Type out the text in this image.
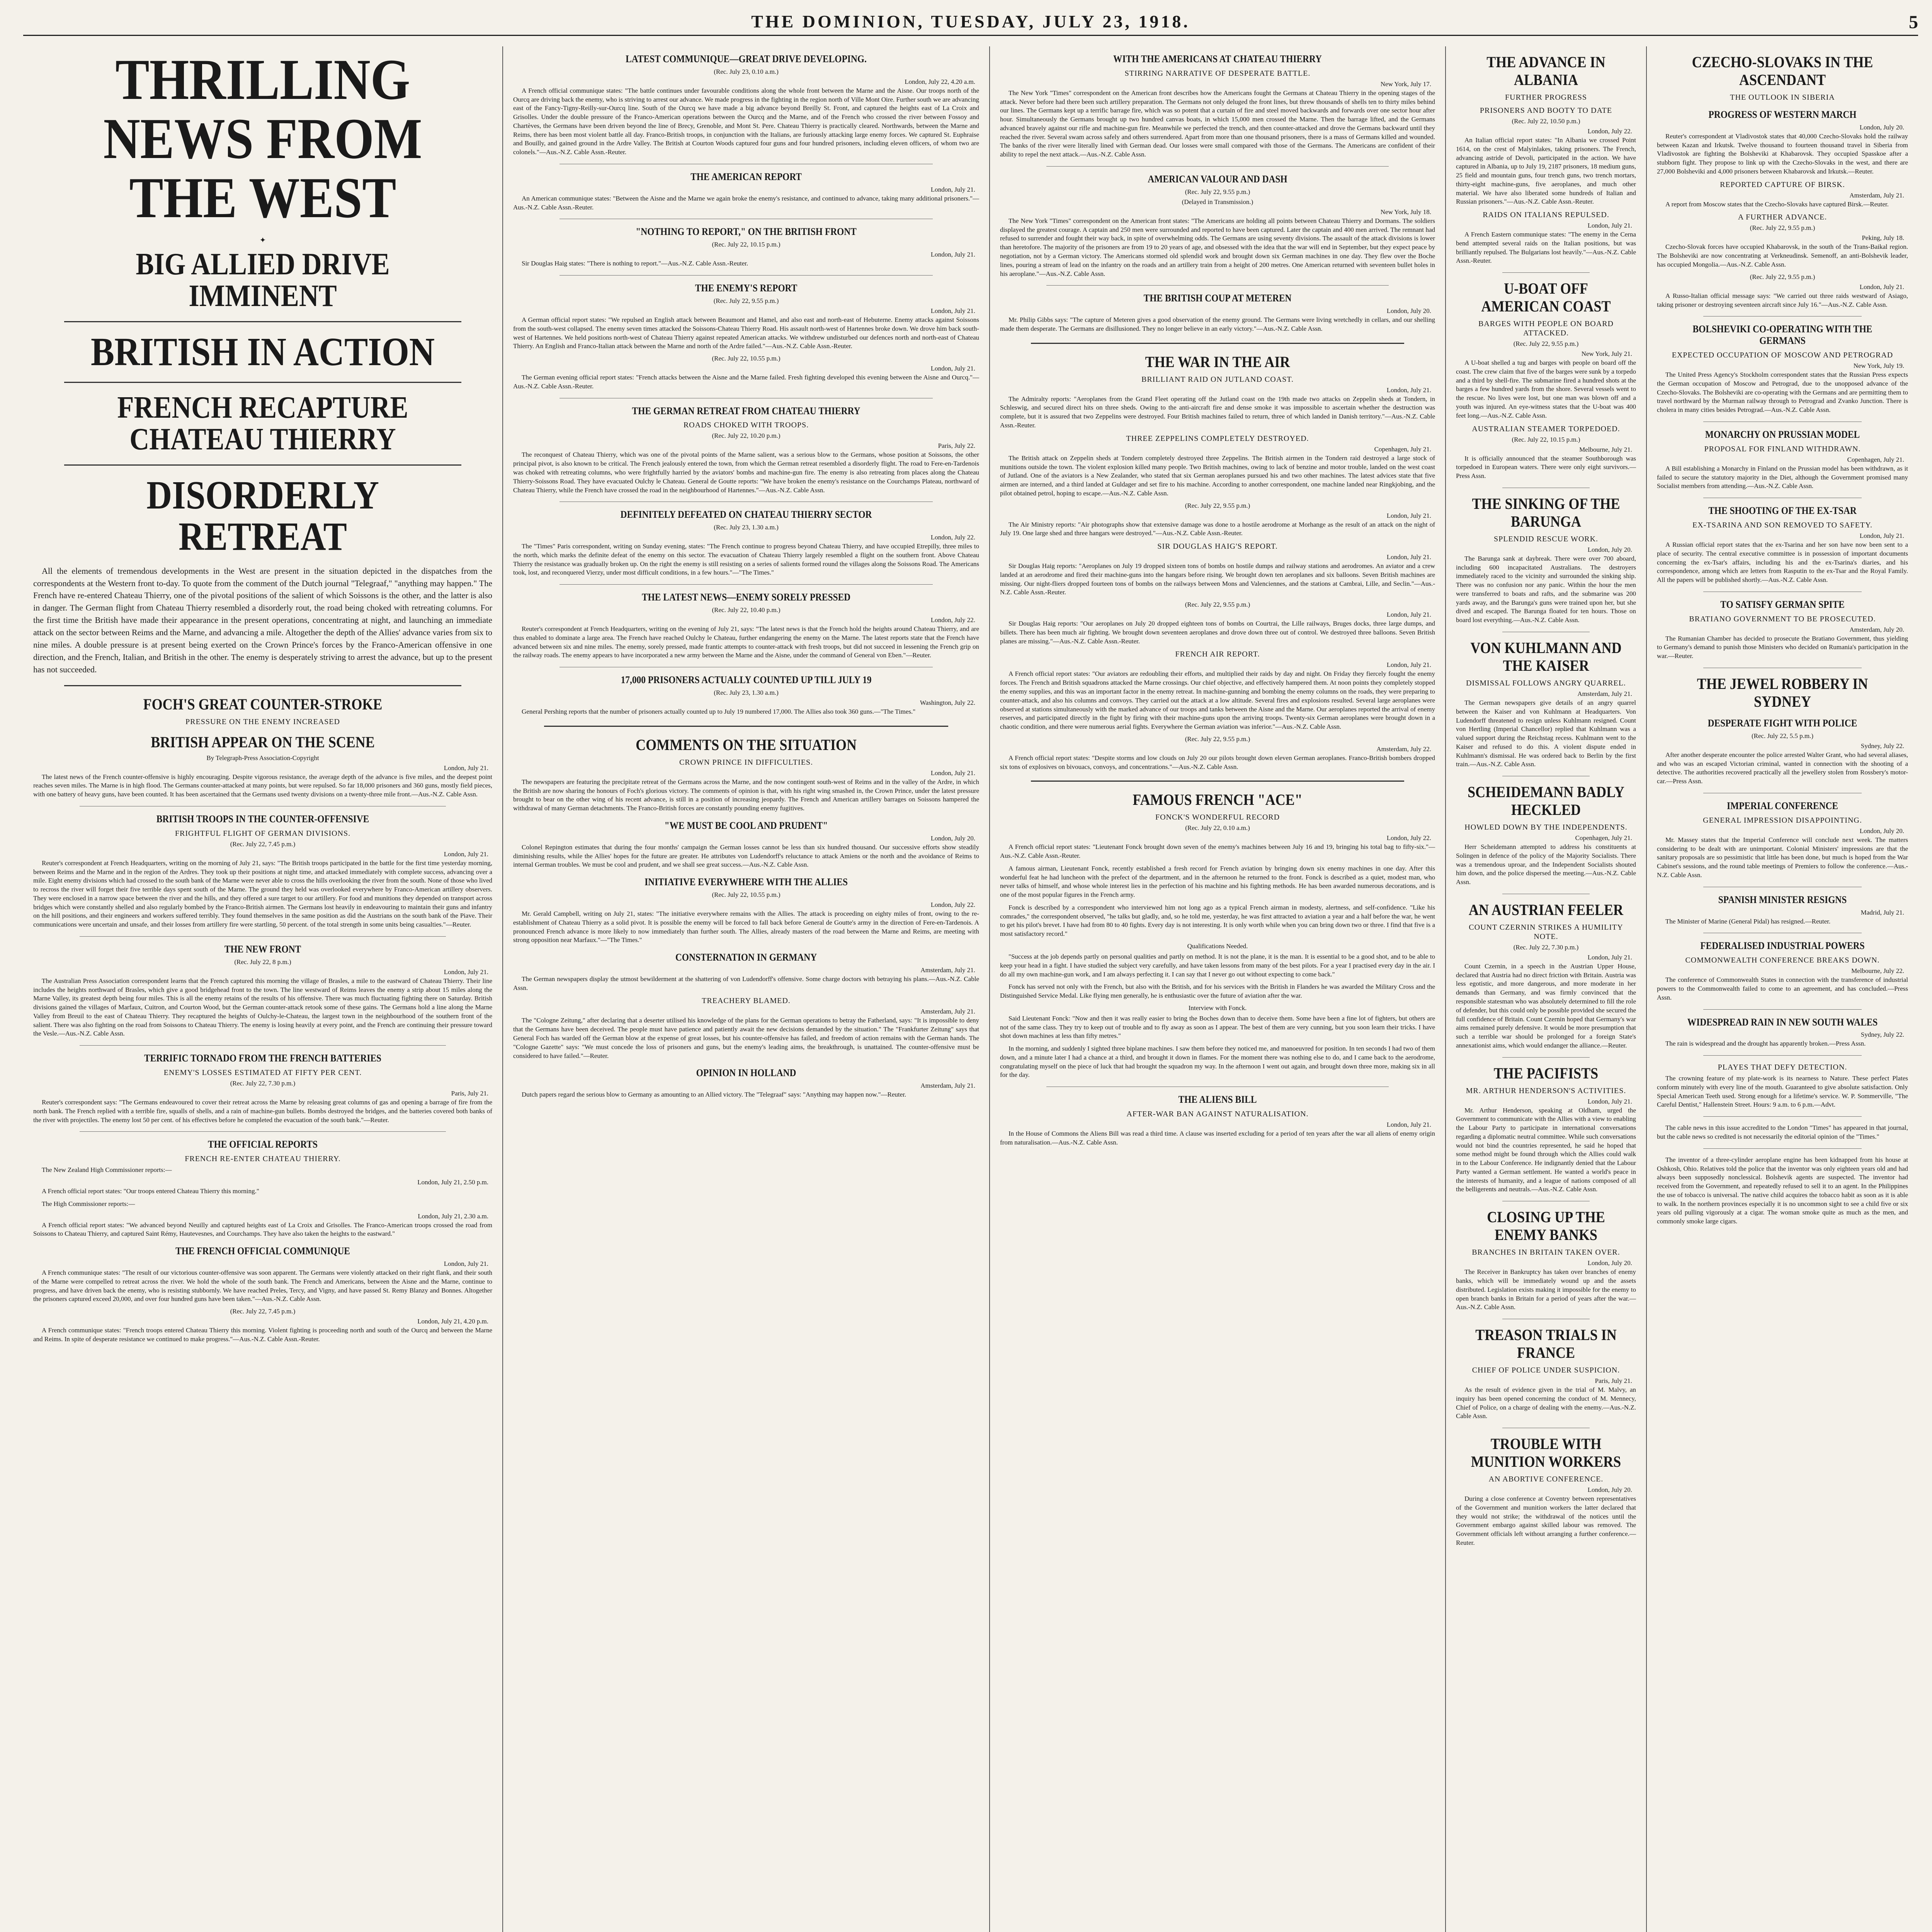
THE DOMINION, TUESDAY, JULY 23, 1918.	5
THRILLING NEWS FROM THE WEST
✦
BIG ALLIED DRIVE IMMINENT
BRITISH IN ACTION
FRENCH RECAPTURE CHATEAU THIERRY
DISORDERLY RETREAT

All the elements of tremendous developments in the West are present in the situation depicted in the dispatches from the correspondents at the Western front to-day. To quote from the comment of the Dutch journal "Telegraaf," "anything may happen." The French have re-entered Chateau Thierry, one of the pivotal positions of the salient of which Soissons is the other, and the latter is also in danger. The German flight from Chateau Thierry resembled a disorderly rout, the road being choked with retreating columns. For the first time the British have made their appearance in the present operations, concentrating at night, and launching an immediate attack on the sector between Reims and the Marne, and advancing a mile. Altogether the depth of the Allies' advance varies from six to nine miles. A double pressure is at present being exerted on the Crown Prince's forces by the Franco-American offensive in one direction, and the French, Italian, and British in the other. The enemy is desperately striving to arrest the advance, but up to the present has not succeeded.

FOCH'S GREAT COUNTER-STROKE
PRESSURE ON THE ENEMY INCREASED
BRITISH APPEAR ON THE SCENE
By Telegraph-Press Association-Copyright
London, July 21.

The latest news of the French counter-offensive is highly encouraging. Despite vigorous resistance, the average depth of the advance is five miles, and the deepest point reaches seven miles. The Marne is in high flood. The Germans counter-attacked at many points, but were repulsed. So far 18,000 prisoners and 360 guns, mostly field pieces, with one battery of heavy guns, have been counted. It has been ascertained that the Germans used twenty divisions on a twenty-three mile front.—Aus.-N.Z. Cable Assn.

BRITISH TROOPS IN THE COUNTER-OFFENSIVE
FRIGHTFUL FLIGHT OF GERMAN DIVISIONS.
(Rec. July 22, 7.45 p.m.)
London, July 21.

Reuter's correspondent at French Headquarters, writing on the morning of July 21, says: "The British troops participated in the battle for the first time yesterday morning, between Reims and the Marne and in the region of the Ardres. They took up their positions at night time, and attacked immediately with complete success, advancing over a mile. Eight enemy divisions which had crossed to the south bank of the Marne were never able to cross the hills overlooking the river from the south. None of those who lived to recross the river will forget their five terrible days spent south of the Marne. The ground they held was overlooked everywhere by Franco-American artillery observers. They were enclosed in a narrow space between the river and the hills, and they offered a sure target to our artillery. For food and munitions they depended on transport across bridges which were constantly shelled and also regularly bombed by the Franco-British airmen. The Germans lost heavily in endeavouring to maintain their guns and infantry on the hill positions, and their engineers and workers suffered terribly. They found themselves in the same position as did the Austrians on the south bank of the Piave. Their communications were uncertain and unsafe, and their losses from artillery fire were startling, 50 percent. of the total strength in some units being casualties."—Reuter.

THE NEW FRONT
(Rec. July 22, 8 p.m.)
London, July 21.

The Australian Press Association correspondent learns that the French captured this morning the village of Brasles, a mile to the eastward of Chateau Thierry. Their line includes the heights northward of Brasles, which give a good bridgehead front to the town. The line westward of Reims leaves the enemy a strip about 15 miles along the Marne Valley, its greatest depth being four miles. This is all the enemy retains of the results of his offensive. There was much fluctuating fighting there on Saturday. British divisions gained the villages of Marfaux, Cuitron, and Courton Wood, but the German counter-attack retook some of these gains. The Germans hold a line along the Marne Valley from Breuil to the east of Chateau Thierry. They recaptured the heights of Oulchy-le-Chateau, the largest town in the neighbourhood of the southern front of the salient. There was also fighting on the road from Soissons to Chateau Thierry. The enemy is losing heavily at every point, and the French are continuing their pressure toward the Vesle.—Aus.-N.Z. Cable Assn.

TERRIFIC TORNADO FROM THE FRENCH BATTERIES
ENEMY'S LOSSES ESTIMATED AT FIFTY PER CENT.
(Rec. July 22, 7.30 p.m.)
Paris, July 21.

Reuter's correspondent says: "The Germans endeavoured to cover their retreat across the Marne by releasing great columns of gas and opening a barrage of fire from the north bank. The French replied with a terrible fire, squalls of shells, and a rain of machine-gun bullets. Bombs destroyed the bridges, and the batteries covered both banks of the river with projectiles. The enemy lost 50 per cent. of his effectives before he completed the evacuation of the south bank."—Reuter.

THE OFFICIAL REPORTS
FRENCH RE-ENTER CHATEAU THIERRY.

The New Zealand High Commissioner reports:—

London, July 21, 2.50 p.m.

A French official report states: "Our troops entered Chateau Thierry this morning."

The High Commissioner reports:—

London, July 21, 2.30 a.m.

A French official report states: "We advanced beyond Neuilly and captured heights east of La Croix and Grisolles. The Franco-American troops crossed the road from Soissons to Chateau Thierry, and captured Saint Rémy, Hautevesnes, and Courchamps. They have also taken the heights to the eastward."

THE FRENCH OFFICIAL COMMUNIQUE
London, July 21.

A French communique states: "The result of our victorious counter-offensive was soon apparent. The Germans were violently attacked on their right flank, and their south of the Marne were compelled to retreat across the river. We hold the whole of the south bank. The French and Americans, between the Aisne and the Marne, continue to progress, and have driven back the enemy, who is resisting stubbornly. We have reached Preles, Tercy, and Vigny, and have passed St. Remy Blanzy and Bonnes. Altogether the prisoners captured exceed 20,000, and over four hundred guns have been taken."—Aus.-N.Z. Cable Assn.

(Rec. July 22, 7.45 p.m.)
London, July 21, 4.20 p.m.

A French communique states: "French troops entered Chateau Thierry this morning. Violent fighting is proceeding north and south of the Ourcq and between the Marne and Reims. In spite of desperate resistance we continued to make progress."—Aus.-N.Z. Cable Assn.-Reuter.

LATEST COMMUNIQUE—GREAT DRIVE DEVELOPING.
(Rec. July 23, 0.10 a.m.)
London, July 22, 4.20 a.m.

A French official communique states: "The battle continues under favourable conditions along the whole front between the Marne and the Aisne. Our troops north of the Ourcq are driving back the enemy, who is striving to arrest our advance. We made progress in the fighting in the region north of Ville Mont Oire. Further south we are advancing east of the Fancy-Tigny-Reilly-sur-Ourcq line. South of the Ourcq we have made a big advance beyond Breilly St. Front, and captured the heights east of La Croix and Grisolles. Under the double pressure of the Franco-American operations between the Ourcq and the Marne, and of the French who crossed the river between Fossoy and Chartèves, the Germans have been driven beyond the line of Brecy, Grenoble, and Mont St. Pere. Chateau Thierry is practically cleared. Northwards, between the Marne and Reims, there has been most violent battle all day. Franco-British troops, in conjunction with the Italians, are furiously attacking large enemy forces. We captured St. Euphraise and Bouilly, and gained ground in the Ardre Valley. The British at Courton Woods captured four guns and four hundred prisoners, including eleven officers, of whom two are colonels."—Aus.-N.Z. Cable Assn.-Reuter.

THE AMERICAN REPORT
London, July 21.

An American communique states: "Between the Aisne and the Marne we again broke the enemy's resistance, and continued to advance, taking many additional prisoners."—Aus.-N.Z. Cable Assn.-Reuter.

"NOTHING TO REPORT," ON THE BRITISH FRONT
(Rec. July 22, 10.15 p.m.)
London, July 21.

Sir Douglas Haig states: "There is nothing to report."—Aus.-N.Z. Cable Assn.-Reuter.

THE ENEMY'S REPORT
(Rec. July 22, 9.55 p.m.)
London, July 21.

A German official report states: "We repulsed an English attack between Beaumont and Hamel, and also east and north-east of Hebuterne. Enemy attacks against Soissons from the south-west collapsed. The enemy seven times attacked the Soissons-Chateau Thierry Road. His assault north-west of Hartennes broke down. We drove him back south-west of Hartennes. We held positions north-west of Chateau Thierry against repeated American attacks. We withdrew undisturbed our defences north and north-east of Chateau Thierry. An English and Franco-Italian attack between the Marne and north of the Ardre failed."—Aus.-N.Z. Cable Assn.-Reuter.

(Rec. July 22, 10.55 p.m.)
London, July 21.

The German evening official report states: "French attacks between the Aisne and the Marne failed. Fresh fighting developed this evening between the Aisne and Ourcq."—Aus.-N.Z. Cable Assn.-Reuter.

THE GERMAN RETREAT FROM CHATEAU THIERRY
ROADS CHOKED WITH TROOPS.
(Rec. July 22, 10.20 p.m.)
Paris, July 22.

The reconquest of Chateau Thierry, which was one of the pivotal points of the Marne salient, was a serious blow to the Germans, whose position at Soissons, the other principal pivot, is also known to be critical. The French jealously entered the town, from which the German retreat resembled a disorderly flight. The road to Fere-en-Tardenois was choked with retreating columns, who were frightfully harried by the aviators' bombs and machine-gun fire. The enemy is also retreating from places along the Chateau Thierry-Soissons Road. They have evacuated Oulchy le Chateau. General de Goutte reports: "We have broken the enemy's resistance on the Courchamps Plateau, northward of Chateau Thierry, while the French have crossed the road in the neighbourhood of Hartennes."—Aus.-N.Z. Cable Assn.

DEFINITELY DEFEATED ON CHATEAU THIERRY SECTOR
(Rec. July 23, 1.30 a.m.)
London, July 22.

The "Times" Paris correspondent, writing on Sunday evening, states: "The French continue to progress beyond Chateau Thierry, and have occupied Etrepilly, three miles to the north, which marks the definite defeat of the enemy on this sector. The evacuation of Chateau Thierry largely resembled a flight on the southern front. Above Chateau Thierry the resistance was gradually broken up. On the right the enemy is still resisting on a series of salients formed round the villages along the Soissons Road. The Americans took, lost, and reconquered Vierzy, under most difficult conditions, in a few hours."—"The Times."

THE LATEST NEWS—ENEMY SORELY PRESSED
(Rec. July 22, 10.40 p.m.)
London, July 22.

Reuter's correspondent at French Headquarters, writing on the evening of July 21, says: "The latest news is that the French hold the heights around Chateau Thierry, and are thus enabled to dominate a large area. The French have reached Oulchy le Chateau, further endangering the enemy on the Marne. The latest reports state that the French have advanced between six and nine miles. The enemy, sorely pressed, made frantic attempts to counter-attack with fresh troops, but did not succeed in lessening the French grip on the railway roads. The enemy appears to have incorporated a new army between the Marne and the Aisne, under the command of General von Eben."—Reuter.

17,000 PRISONERS ACTUALLY COUNTED UP TILL JULY 19
(Rec. July 23, 1.30 a.m.)
Washington, July 22.

General Pershing reports that the number of prisoners actually counted up to July 19 numbered 17,000. The Allies also took 360 guns.—"The Times."

COMMENTS ON THE SITUATION
CROWN PRINCE IN DIFFICULTIES.
London, July 21.

The newspapers are featuring the precipitate retreat of the Germans across the Marne, and the now contingent south-west of Reims and in the valley of the Ardre, in which the British are now sharing the honours of Foch's glorious victory. The comments of opinion is that, with his right wing smashed in, the Crown Prince, under the latest pressure brought to bear on the other wing of his recent advance, is still in a position of increasing jeopardy. The French and American artillery barrages on Soissons hampered the withdrawal of many German detachments. The Franco-British forces are constantly pounding enemy fugitives.

"WE MUST BE COOL AND PRUDENT"
London, July 20.

Colonel Repington estimates that during the four months' campaign the German losses cannot be less than six hundred thousand. Our successive efforts show steadily diminishing results, while the Allies' hopes for the future are greater. He attributes von Ludendorff's reluctance to attack Amiens or the north and the avoidance of Reims to internal German troubles. We must be cool and prudent, and we shall see great success.—Aus.-N.Z. Cable Assn.

INITIATIVE EVERYWHERE WITH THE ALLIES
(Rec. July 22, 10.55 p.m.)
London, July 22.

Mr. Gerald Campbell, writing on July 21, states: "The initiative everywhere remains with the Allies. The attack is proceeding on eighty miles of front, owing to the re-establishment of Chateau Thierry as a solid pivot. It is possible the enemy will be forced to fall back before General de Goutte's army in the direction of Fere-en-Tardenois. A pronounced French advance is more likely to now immediately than further south. The Allies, already masters of the road between the Marne and Reims, are meeting with strong opposition near Marfaux."—"The Times."

CONSTERNATION IN GERMANY
Amsterdam, July 21.

The German newspapers display the utmost bewilderment at the shattering of von Ludendorff's offensive. Some charge doctors with betraying his plans.—Aus.-N.Z. Cable Assn.

TREACHERY BLAMED.
Amsterdam, July 21.

The "Cologne Zeitung," after declaring that a deserter utilised his knowledge of the plans for the German operations to betray the Fatherland, says: "It is impossible to deny that the Germans have been deceived. The people must have patience and patiently await the new decisions demanded by the situation." The "Frankfurter Zeitung" says that General Foch has warded off the German blow at the expense of great losses, but his counter-offensive has failed, and freedom of action remains with the German hands. The "Cologne Gazette" says: "We must concede the loss of prisoners and guns, but the enemy's leading aims, the breakthrough, is unattained. The counter-offensive must be considered to have failed."—Reuter.

OPINION IN HOLLAND
Amsterdam, July 21.

Dutch papers regard the serious blow to Germany as amounting to an Allied victory. The "Telegraaf" says: "Anything may happen now."—Reuter.

WITH THE AMERICANS AT CHATEAU THIERRY
STIRRING NARRATIVE OF DESPERATE BATTLE.
New York, July 17.

The New York "Times" correspondent on the American front describes how the Americans fought the Germans at Chateau Thierry in the opening stages of the attack. Never before had there been such artillery preparation. The Germans not only deluged the front lines, but threw thousands of shells ten to thirty miles behind our lines. The Germans kept up a terrific barrage fire, which was so potent that a curtain of fire and steel moved backwards and forwards over one sector hour after hour. Simultaneously the Germans brought up two hundred canvas boats, in which 15,000 men crossed the Marne. Then the barrage lifted, and the Germans advanced bravely against our rifle and machine-gun fire. Meanwhile we perfected the trench, and then counter-attacked and drove the Germans backward until they reached the river. Several swam across safely and others surrendered. Apart from more than one thousand prisoners, there is a mass of Germans killed and wounded. The banks of the river were literally lined with German dead. Our losses were small compared with those of the Germans. The Americans are confident of their ability to repel the next attack.—Aus.-N.Z. Cable Assn.

AMERICAN VALOUR AND DASH
(Rec. July 22, 9.55 p.m.)
(Delayed in Transmission.)
New York, July 18.

The New York "Times" correspondent on the American front states: "The Americans are holding all points between Chateau Thierry and Dormans. The soldiers displayed the greatest courage. A captain and 250 men were surrounded and reported to have been captured. Later the captain and 400 men arrived. The remnant had refused to surrender and fought their way back, in spite of overwhelming odds. The Germans are using seventy divisions. The assault of the attack divisions is lower than heretofore. The majority of the prisoners are from 19 to 20 years of age, and obsessed with the idea that the war will end in September, but they expect peace by negotiation, not by a German victory. The Americans stormed old splendid work and brought down six German machines in one day. They flew over the Boche lines, pouring a stream of lead on the infantry on the roads and an artillery train from a height of 200 metres. One American returned with seventeen bullet holes in his aeroplane."—Aus.-N.Z. Cable Assn.

THE BRITISH COUP AT METEREN
London, July 20.

Mr. Philip Gibbs says: "The capture of Meteren gives a good observation of the enemy ground. The Germans were living wretchedly in cellars, and our shelling made them desperate. The Germans are disillusioned. They no longer believe in an early victory."—Aus.-N.Z. Cable Assn.

THE WAR IN THE AIR
BRILLIANT RAID ON JUTLAND COAST.
London, July 21.

The Admiralty reports: "Aeroplanes from the Grand Fleet operating off the Jutland coast on the 19th made two attacks on Zeppelin sheds at Tondern, in Schleswig, and secured direct hits on three sheds. Owing to the anti-aircraft fire and dense smoke it was impossible to ascertain whether the destruction was complete, but it is assured that two Zeppelins were destroyed. Four British machines failed to return, three of which landed in Danish territory."—Aus.-N.Z. Cable Assn.-Reuter.

THREE ZEPPELINS COMPLETELY DESTROYED.
Copenhagen, July 21.

The British attack on Zeppelin sheds at Tondern completely destroyed three Zeppelins. The British airmen in the Tondern raid destroyed a large stock of munitions outside the town. The violent explosion killed many people. Two British machines, owing to lack of benzine and motor trouble, landed on the west coast of Jutland. One of the aviators is a New Zealander, who stated that six German aeroplanes pursued his and two other machines. The latest advices state that five airmen are interned, and a third landed at Guldager and set fire to his machine. According to another correspondent, one machine landed near Ringkjobing, and the pilot obtained petrol, hoping to escape.—Aus.-N.Z. Cable Assn.

(Rec. July 22, 9.55 p.m.)
London, July 21.

The Air Ministry reports: "Air photographs show that extensive damage was done to a hostile aerodrome at Morhange as the result of an attack on the night of July 19. One large shed and three hangars were destroyed."—Aus.-N.Z. Cable Assn.-Reuter.

SIR DOUGLAS HAIG'S REPORT.
London, July 21.

Sir Douglas Haig reports: "Aeroplanes on July 19 dropped sixteen tons of bombs on hostile dumps and railway stations and aerodromes. An aviator and a crew landed at an aerodrome and fired their machine-guns into the hangars before rising. We brought down ten aeroplanes and six balloons. Seven British machines are missing. Our night-fliers dropped fourteen tons of bombs on the railways between Mons and Valenciennes, and the stations at Cambrai, Lille, and Seclin."—Aus.-N.Z. Cable Assn.-Reuter.

(Rec. July 22, 9.55 p.m.)
London, July 21.

Sir Douglas Haig reports: "Our aeroplanes on July 20 dropped eighteen tons of bombs on Courtrai, the Lille railways, Bruges docks, three large dumps, and billets. There has been much air fighting. We brought down seventeen aeroplanes and drove down three out of control. We destroyed three balloons. Seven British planes are missing."—Aus.-N.Z. Cable Assn.-Reuter.

FRENCH AIR REPORT.
London, July 21.

A French official report states: "Our aviators are redoubling their efforts, and multiplied their raids by day and night. On Friday they fiercely fought the enemy forces. The French and British squadrons attacked the Marne crossings. Our chief objective, and effectively hampered them. At noon points they completely stopped the enemy supplies, and this was an important factor in the enemy retreat. In machine-gunning and bombing the enemy columns on the roads, they were preparing to counter-attack, and also his columns and convoys. They carried out the attack at a low altitude. Several fires and explosions resulted. Several large aeroplanes were observed at stations simultaneously with the marked advance of our troops and tanks between the Aisne and the Marne. Our aeroplanes reported the arrival of enemy reserves, and participated directly in the fight by firing with their machine-guns upon the arriving troops. Twenty-six German aeroplanes were brought down in a chaotic condition, and there were numerous aerial fights. Everywhere the German aviation was inferior."—Aus.-N.Z. Cable Assn.

(Rec. July 22, 9.55 p.m.)
Amsterdam, July 22.

A French official report states: "Despite storms and low clouds on July 20 our pilots brought down eleven German aeroplanes. Franco-British bombers dropped six tons of explosives on bivouacs, convoys, and concentrations."—Aus.-N.Z. Cable Assn.

FAMOUS FRENCH "ACE"
FONCK'S WONDERFUL RECORD
(Rec. July 22, 0.10 a.m.)
London, July 22.

A French official report states: "Lieutenant Fonck brought down seven of the enemy's machines between July 16 and 19, bringing his total bag to fifty-six."—Aus.-N.Z. Cable Assn.-Reuter.

A famous airman, Lieutenant Fonck, recently established a fresh record for French aviation by bringing down six enemy machines in one day. After this wonderful feat he had luncheon with the prefect of the department, and in the afternoon he returned to the front. Fonck is described as a quiet, modest man, who never talks of himself, and whose whole interest lies in the perfection of his machine and his fighting methods. He has been awarded numerous decorations, and is one of the most popular figures in the French army.

Fonck is described by a correspondent who interviewed him not long ago as a typical French airman in modesty, alertness, and self-confidence. "Like his comrades," the correspondent observed, "he talks but gladly, and, so he told me, yesterday, he was first attracted to aviation a year and a half before the war, he went to get his pilot's brevet. I have had from 80 to 40 fights. Every day is not interesting. It is only worth while when you can bring down two or three. I find that five is a most satisfactory record."

Qualifications Needed.

"Success at the job depends partly on personal qualities and partly on method. It is not the plane, it is the man. It is essential to be a good shot, and to be able to keep your head in a fight. I have studied the subject very carefully, and have taken lessons from many of the best pilots. For a year I practised every day in the air. I do all my own machine-gun work, and I am always perfecting it. I can say that I never go out without expecting to come back."

Fonck has served not only with the French, but also with the British, and for his services with the British in Flanders he was awarded the Military Cross and the Distinguished Service Medal. Like flying men generally, he is enthusiastic over the future of aviation after the war.

Interview with Fonck.

Said Lieutenant Fonck: "Now and then it was really easier to bring the Boches down than to deceive them. Some have been a fine lot of fighters, but others are not of the same class. They try to keep out of trouble and to fly away as soon as I appear. The best of them are very cunning, but you soon learn their tricks. I have shot down machines at less than fifty metres."

In the morning, and suddenly I sighted three biplane machines. I saw them before they noticed me, and manoeuvred for position. In ten seconds I had two of them down, and a minute later I had a chance at a third, and brought it down in flames. For the moment there was nothing else to do, and I came back to the aerodrome, congratulating myself on the piece of luck that had brought the squadron my way. In the afternoon I went out again, and brought down three more, making six in all for the day.

THE ALIENS BILL
AFTER-WAR BAN AGAINST NATURALISATION.
London, July 21.

In the House of Commons the Aliens Bill was read a third time. A clause was inserted excluding for a period of ten years after the war all aliens of enemy origin from naturalisation.—Aus.-N.Z. Cable Assn.

THE ADVANCE IN ALBANIA
FURTHER PROGRESS
PRISONERS AND BOOTY TO DATE
(Rec. July 22, 10.50 p.m.)
London, July 22.

An Italian official report states: "In Albania we crossed Point 1614, on the crest of Malyinlakes, taking prisoners. The French, advancing astride of Devoli, participated in the action. We have captured in Albania, up to July 19, 2187 prisoners, 18 medium guns, 25 field and mountain guns, four trench guns, two trench mortars, thirty-eight machine-guns, five aeroplanes, and much other material. We have also liberated some hundreds of Italian and Russian prisoners."—Aus.-N.Z. Cable Assn.-Reuter.

RAIDS ON ITALIANS REPULSED.
London, July 21.

A French Eastern communique states: "The enemy in the Cerna bend attempted several raids on the Italian positions, but was brilliantly repulsed. The Bulgarians lost heavily."—Aus.-N.Z. Cable Assn.-Reuter.

U-BOAT OFF AMERICAN COAST
BARGES WITH PEOPLE ON BOARD ATTACKED.
(Rec. July 22, 9.55 p.m.)
New York, July 21.

A U-boat shelled a tug and barges with people on board off the coast. The crew claim that five of the barges were sunk by a torpedo and a third by shell-fire. The submarine fired a hundred shots at the barges a few hundred yards from the shore. Several vessels went to the rescue. No lives were lost, but one man was blown off and a youth was injured. An eye-witness states that the U-boat was 400 feet long.—Aus.-N.Z. Cable Assn.

AUSTRALIAN STEAMER TORPEDOED.
(Rec. July 22, 10.15 p.m.)
Melbourne, July 21.

It is officially announced that the steamer Southborough was torpedoed in European waters. There were only eight survivors.—Press Assn.

THE SINKING OF THE BARUNGA
SPLENDID RESCUE WORK.
London, July 20.

The Barunga sank at daybreak. There were over 700 aboard, including 600 incapacitated Australians. The destroyers immediately raced to the vicinity and surrounded the sinking ship. There was no confusion nor any panic. Within the hour the men were transferred to boats and rafts, and the submarine was 200 yards away, and the Barunga's guns were trained upon her, but she dived and escaped. The Barunga floated for ten hours. Those on board lost everything.—Aus.-N.Z. Cable Assn.

VON KUHLMANN AND THE KAISER
DISMISSAL FOLLOWS ANGRY QUARREL.
Amsterdam, July 21.

The German newspapers give details of an angry quarrel between the Kaiser and von Kuhlmann at Headquarters. Von Ludendorff threatened to resign unless Kuhlmann resigned. Count von Hertling (Imperial Chancellor) replied that Kuhlmann was a valued support during the Reichstag recess. Kuhlmann went to the Kaiser and refused to do this. A violent dispute ended in Kuhlmann's dismissal. He was ordered back to Berlin by the first train.—Aus.-N.Z. Cable Assn.

SCHEIDEMANN BADLY HECKLED
HOWLED DOWN BY THE INDEPENDENTS.
Copenhagen, July 21.

Herr Scheidemann attempted to address his constituents at Solingen in defence of the policy of the Majority Socialists. There was a tremendous uproar, and the Independent Socialists shouted him down, and the police dispersed the meeting.—Aus.-N.Z. Cable Assn.

AN AUSTRIAN FEELER
COUNT CZERNIN STRIKES A HUMILITY NOTE.
(Rec. July 22, 7.30 p.m.)
London, July 21.

Count Czernin, in a speech in the Austrian Upper House, declared that Austria had no direct friction with Britain. Austria was less egotistic, and more dangerous, and more moderate in her demands than Germany, and was firmly convinced that the responsible statesman who was absolutely determined to fill the role of defender, but this could only be possible provided she secured the full confidence of Britain. Count Czernin hoped that Germany's war aims remained purely defensive. It would be more presumption that such a terrible war should be prolonged for a foreign State's annexationist aims, which would endanger the alliance.—Reuter.

THE PACIFISTS
MR. ARTHUR HENDERSON'S ACTIVITIES.
London, July 21.

Mr. Arthur Henderson, speaking at Oldham, urged the Government to communicate with the Allies with a view to enabling the Labour Party to participate in international conversations regarding a diplomatic neutral committee. While such conversations would not bind the countries represented, he said he hoped that some method might be found through which the Allies could walk in to the Labour Conference. He indignantly denied that the Labour Party wanted a German settlement. He wanted a world's peace in the interests of humanity, and a league of nations composed of all the belligerents and neutrals.—Aus.-N.Z. Cable Assn.

CLOSING UP THE ENEMY BANKS
BRANCHES IN BRITAIN TAKEN OVER.
London, July 20.

The Receiver in Bankruptcy has taken over branches of enemy banks, which will be immediately wound up and the assets distributed. Legislation exists making it impossible for the enemy to open branch banks in Britain for a period of years after the war.—Aus.-N.Z. Cable Assn.

TREASON TRIALS IN FRANCE
CHIEF OF POLICE UNDER SUSPICION.
Paris, July 21.

As the result of evidence given in the trial of M. Malvy, an inquiry has been opened concerning the conduct of M. Mennecy, Chief of Police, on a charge of dealing with the enemy.—Aus.-N.Z. Cable Assn.

TROUBLE WITH MUNITION WORKERS
AN ABORTIVE CONFERENCE.
London, July 20.

During a close conference at Coventry between representatives of the Government and munition workers the latter declared that they would not strike; the withdrawal of the notices until the Government embargo against skilled labour was removed. The Government officials left without arranging a further conference.—Reuter.

CZECHO-SLOVAKS IN THE ASCENDANT
THE OUTLOOK IN SIBERIA
PROGRESS OF WESTERN MARCH
London, July 20.

Reuter's correspondent at Vladivostok states that 40,000 Czecho-Slovaks hold the railway between Kazan and Irkutsk. Twelve thousand to fourteen thousand travel in Siberia from Vladivostok are fighting the Bolsheviki at Khabarovsk. They occupied Spasskoe after a stubborn fight. They propose to link up with the Czecho-Slovaks in the west, and there are 27,000 Bolsheviki and 4,000 prisoners between Khabarovsk and Irkutsk.—Reuter.

REPORTED CAPTURE OF BIRSK.
Amsterdam, July 21.

A report from Moscow states that the Czecho-Slovaks have captured Birsk.—Reuter.

A FURTHER ADVANCE.
(Rec. July 22, 9.55 p.m.)
Peking, July 18.

Czecho-Slovak forces have occupied Khabarovsk, in the south of the Trans-Baikal region. The Bolsheviki are now concentrating at Verkneudinsk. Semenoff, an anti-Bolshevik leader, has occupied Mongolia.—Aus.-N.Z. Cable Assn.

(Rec. July 22, 9.55 p.m.)
London, July 21.

A Russo-Italian official message says: "We carried out three raids westward of Asiago, taking prisoner or destroying seventeen aircraft since July 16."—Aus.-N.Z. Cable Assn.

BOLSHEVIKI CO-OPERATING WITH THE GERMANS
EXPECTED OCCUPATION OF MOSCOW AND PETROGRAD
New York, July 19.

The United Press Agency's Stockholm correspondent states that the Russian Press expects the German occupation of Moscow and Petrograd, due to the unopposed advance of the Czecho-Slovaks. The Bolsheviki are co-operating with the Germans and are permitting them to travel northward by the Murman railway through to Petrograd and Zvanko Junction. There is cholera in many cities besides Petrograd.—Aus.-N.Z. Cable Assn.

MONARCHY ON PRUSSIAN MODEL
PROPOSAL FOR FINLAND WITHDRAWN.
Copenhagen, July 21.

A Bill establishing a Monarchy in Finland on the Prussian model has been withdrawn, as it failed to secure the statutory majority in the Diet, although the Government promised many Socialist members from attending.—Aus.-N.Z. Cable Assn.

THE SHOOTING OF THE EX-TSAR
EX-TSARINA AND SON REMOVED TO SAFETY.
London, July 21.

A Russian official report states that the ex-Tsarina and her son have now been sent to a place of security. The central executive committee is in possession of important documents concerning the ex-Tsar's affairs, including his and the ex-Tsarina's diaries, and his correspondence, among which are letters from Rasputin to the ex-Tsar and the Royal Family. All the papers will be published shortly.—Aus.-N.Z. Cable Assn.

TO SATISFY GERMAN SPITE
BRATIANO GOVERNMENT TO BE PROSECUTED.
Amsterdam, July 20.

The Rumanian Chamber has decided to prosecute the Bratiano Government, thus yielding to Germany's demand to punish those Ministers who decided on Rumania's participation in the war.—Reuter.

THE JEWEL ROBBERY IN SYDNEY
DESPERATE FIGHT WITH POLICE
(Rec. July 22, 5.5 p.m.)
Sydney, July 22.

After another desperate encounter the police arrested Walter Grant, who had several aliases, and who was an escaped Victorian criminal, wanted in connection with the shooting of a detective. The authorities recovered practically all the jewellery stolen from Rossbery's motor-car.—Press Assn.

IMPERIAL CONFERENCE
GENERAL IMPRESSION DISAPPOINTING.
London, July 20.

Mr. Massey states that the Imperial Conference will conclude next week. The matters considering to be dealt with are unimportant. Colonial Ministers' impressions are that the sanitary proposals are so pessimistic that little has been done, but much is hoped from the War Cabinet's sessions, and the round table meetings of Premiers to follow the conference.—Aus.-N.Z. Cable Assn.

SPANISH MINISTER RESIGNS
Madrid, July 21.

The Minister of Marine (General Pidal) has resigned.—Reuter.

FEDERALISED INDUSTRIAL POWERS
COMMONWEALTH CONFERENCE BREAKS DOWN.
Melbourne, July 22.

The conference of Commonwealth States in connection with the transference of industrial powers to the Commonwealth failed to come to an agreement, and has concluded.—Press Assn.

WIDESPREAD RAIN IN NEW SOUTH WALES
Sydney, July 22.

The rain is widespread and the drought has apparently broken.—Press Assn.

PLAYES THAT DEFY DETECTION.

The crowning feature of my plate-work is its nearness to Nature. These perfect Plates conform minutely with every line of the mouth. Guaranteed to give absolute satisfaction. Only Special American Teeth used. Strong enough for a lifetime's service. W. P. Sommerville, "The Careful Dentist," Hallenstein Street. Hours: 9 a.m. to 6 p.m.—Advt.

The cable news in this issue accredited to the London "Times" has appeared in that journal, but the cable news so credited is not necessarily the editorial opinion of the "Times."

The inventor of a three-cylinder aeroplane engine has been kidnapped from his house at Oshkosh, Ohio. Relatives told the police that the inventor was only eighteen years old and had always been supposedly nonclessical. Bolshevik agents are suspected. The inventor had received from the Government, and repeatedly refused to sell it to an agent. In the Philippines the use of tobacco is universal. The native child acquires the tobacco habit as soon as it is able to walk. In the northern provinces especially it is no uncommon sight to see a child five or six years old pulling vigorously at a cigar. The woman smoke quite as much as the men, and commonly smoke large cigars.
